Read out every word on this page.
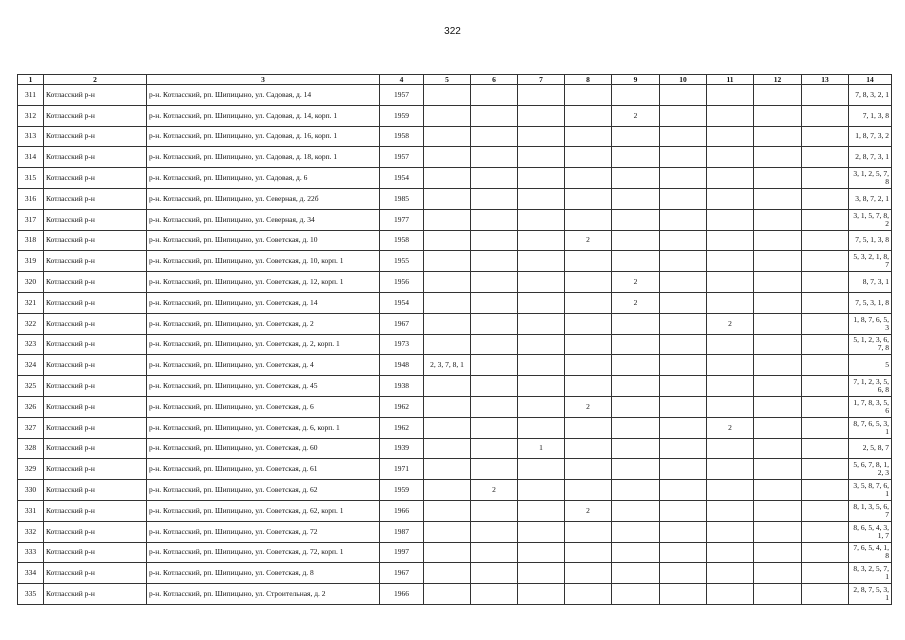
322
1	2	3	4	5	6	7	8	9	10	11	12	13	14
311	Котласский р-н	р-н. Котласский, рп. Шипицыно, ул. Садовая, д. 14	1957										7, 8, 3, 2, 1
312	Котласский р-н	р-н. Котласский, рп. Шипицыно, ул. Садовая, д. 14, корп. 1	1959					2					7, 1, 3, 8
313	Котласский р-н	р-н. Котласский, рп. Шипицыно, ул. Садовая, д. 16, корп. 1	1958										1, 8, 7, 3, 2
314	Котласский р-н	р-н. Котласский, рп. Шипицыно, ул. Садовая, д. 18, корп. 1	1957										2, 8, 7, 3, 1
315	Котласский р-н	р-н. Котласский, рп. Шипицыно, ул. Садовая, д. 6	1954										3, 1, 2, 5, 7, 8
316	Котласский р-н	р-н. Котласский, рп. Шипицыно, ул. Северная, д. 22б	1985										3, 8, 7, 2, 1
317	Котласский р-н	р-н. Котласский, рп. Шипицыно, ул. Северная, д. 34	1977										3, 1, 5, 7, 8, 2
318	Котласский р-н	р-н. Котласский, рп. Шипицыно, ул. Советская, д. 10	1958				2						7, 5, 1, 3, 8
319	Котласский р-н	р-н. Котласский, рп. Шипицыно, ул. Советская, д. 10, корп. 1	1955										5, 3, 2, 1, 8, 7
320	Котласский р-н	р-н. Котласский, рп. Шипицыно, ул. Советская, д. 12, корп. 1	1956					2					8, 7, 3, 1
321	Котласский р-н	р-н. Котласский, рп. Шипицыно, ул. Советская, д. 14	1954					2					7, 5, 3, 1, 8
322	Котласский р-н	р-н. Котласский, рп. Шипицыно, ул. Советская, д. 2	1967							2			1, 8, 7, 6, 5, 3
323	Котласский р-н	р-н. Котласский, рп. Шипицыно, ул. Советская, д. 2, корп. 1	1973										5, 1, 2, 3, 6, 7, 8
324	Котласский р-н	р-н. Котласский, рп. Шипицыно, ул. Советская, д. 4	1948	2, 3, 7, 8, 1									5
325	Котласский р-н	р-н. Котласский, рп. Шипицыно, ул. Советская, д. 45	1938										7, 1, 2, 3, 5, 6, 8
326	Котласский р-н	р-н. Котласский, рп. Шипицыно, ул. Советская, д. 6	1962				2						1, 7, 8, 3, 5, 6
327	Котласский р-н	р-н. Котласский, рп. Шипицыно, ул. Советская, д. 6, корп. 1	1962							2			8, 7, 6, 5, 3, 1
328	Котласский р-н	р-н. Котласский, рп. Шипицыно, ул. Советская, д. 60	1939			1							2, 5, 8, 7
329	Котласский р-н	р-н. Котласский, рп. Шипицыно, ул. Советская, д. 61	1971										5, 6, 7, 8, 1, 2, 3
330	Котласский р-н	р-н. Котласский, рп. Шипицыно, ул. Советская, д. 62	1959		2								3, 5, 8, 7, 6, 1
331	Котласский р-н	р-н. Котласский, рп. Шипицыно, ул. Советская, д. 62, корп. 1	1966				2						8, 1, 3, 5, 6, 7
332	Котласский р-н	р-н. Котласский, рп. Шипицыно, ул. Советская, д. 72	1987										8, 6, 5, 4, 3, 1, 7
333	Котласский р-н	р-н. Котласский, рп. Шипицыно, ул. Советская, д. 72, корп. 1	1997										7, 6, 5, 4, 1, 8
334	Котласский р-н	р-н. Котласский, рп. Шипицыно, ул. Советская, д. 8	1967										8, 3, 2, 5, 7, 1
335	Котласский р-н	р-н. Котласский, рп. Шипицыно, ул. Строительная, д. 2	1966										2, 8, 7, 5, 3, 1
